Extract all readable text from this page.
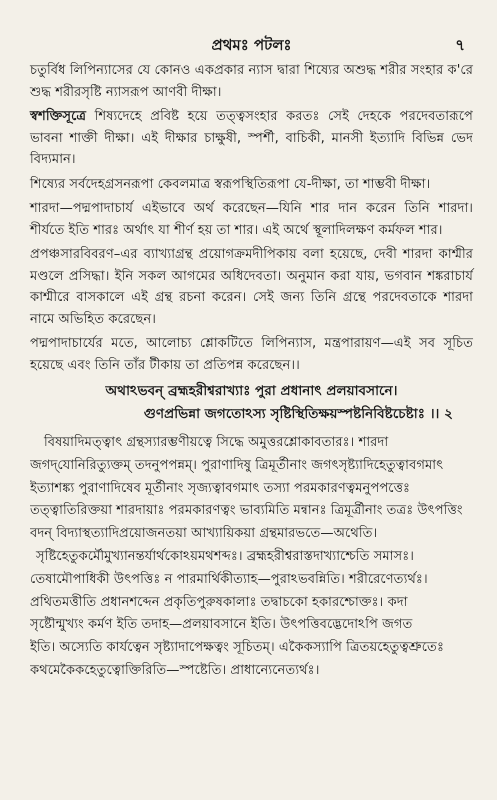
প্রথমঃ পটলঃ	৭

চতুর্বিধ লিপিন্যাসের যে কোনও একপ্রকার ন্যাস দ্বারা শিষ্যের অশুদ্ধ শরীর সংহার ক'রে শুদ্ধ শরীরসৃষ্টি ন্যাসরূপ আণবী দীক্ষা।

স্বশক্তিসূত্রে শিষ্যদেহে প্রবিষ্ট হয়ে তত্ত্বসংহার করতঃ সেই দেহকে পরদেবতারূপে ভাবনা শাক্তী দীক্ষা। এই দীক্ষার চাক্ষুষী, স্পর্শী, বাচিকী, মানসী ইত্যাদি বিভিন্ন ভেদ বিদ্যমান।

শিষ্যের সর্বদেহগ্রসনরূপা কেবলমাত্র স্বরূপস্থিতিরূপা যে-দীক্ষা, তা শাম্ভবী দীক্ষা।

শারদা—পদ্মপাদাচার্য এইভাবে অর্থ করেছেন—যিনি শার দান করেন তিনি শারদা। শীর্যতে ইতি শারঃ অর্থাৎ যা শীর্ণ হয় তা শার। এই অর্থে স্থূলাদিলক্ষণ কর্মফল শার।

প্রপঞ্চসারবিবরণ–এর ব্যাখ্যাগ্রন্থ প্রয়োগক্রমদীপিকায় বলা হয়েছে, দেবী শারদা কাশ্মীর মণ্ডলে প্রসিদ্ধা। ইনি সকল আগমের অধিদেবতা। অনুমান করা যায়, ভগবান শঙ্করাচার্য কাশ্মীরে বাসকালে এই গ্রন্থ রচনা করেন। সেই জন্য তিনি গ্রন্থে পরদেবতাকে শারদা নামে অভিহিত করেছেন।

পদ্মপাদাচার্যের মতে, আলোচ্য শ্লোকটিতে লিপিন্যাস, মন্ত্রপারায়ণ—এই সব সূচিত হয়েছে এবং তিনি তাঁর টীকায় তা প্রতিপন্ন করেছেন।।

অথাঽভবন্ ব্রহ্মহরীশ্বরাখ্যাঃ পুরা প্রধানাৎ প্রলয়াবসানে।
গুণপ্রভিন্না জগতোঽস্য সৃষ্টিস্থিতিক্ষয়স্পষ্টনিবিষ্টচেষ্টাঃ ।। ২
বিষয়াদিমত্ত্বাৎ গ্রন্থস্যারম্ভণীয়ত্বে সিদ্ধে অমুত্তরশ্লোকাবতারঃ। শারদা
জগদ্‌যোনিরিত্যুক্তম্‌ তদনুপপন্নম্‌। পুরাণাদিষু ত্রিমূর্তীনাং জগৎসৃষ্ট্যাদিহেতুত্বাবগমাৎ
ইত্যাশঙ্ক্য পুরাণাদিষেব মূর্তীনাং সৃজ্যত্বাবগমাৎ তস্যা পরমকারণত্বমনুপপত্তেঃ
তত্ত্বাতিরিক্তয়া শারদায়াঃ পরমকারণত্বং ভাব্যমিতি মন্বানঃ ত্রিমূর্ত্রীনাং তত্রঃ উৎপত্তিং
বদন্‌ বিদ্যাস্থত্যাদিপ্রয়োজনতয়া আখ্যায়িকয়া গ্রন্থমারভতে—অথেতি।
সৃষ্টিহেতুকর্মৌমুখ্যানন্তর্যার্থকোঽয়মথশব্দঃ। ব্রহ্মহরীশ্বরাস্তদাখ্যাশ্চেতি সমাসঃ।
তেষামৌপাধিকী উৎপত্তিঃ ন পারমার্থিকীত্যাহ—পুরাঽভবন্নিতি। শরীরেণেত্যর্থঃ।
প্রথিতমত্তীতি প্রধানশব্দেন প্রকৃতিপুরুষকালাঃ তদ্বাচকো হকারশ্চোক্তঃ। কদা
সৃষ্টৌন্মুখ্যং কর্মণ ইতি তদাহ—প্রলয়াবসানে ইতি। উৎপত্তিবদ্ভেদোঽপি জগত
ইতি। অস্যেতি কার্যত্বেন সৃষ্ট্যাদাপেক্ষত্বং সূচিতম্‌। একৈকস্যাপি ত্রিতয়হেতুত্বশ্রুতেঃ
কথমেকৈকহেতুত্বোক্তিরিতি—স্পষ্টেতি। প্রাধান্যেনেত্যর্থঃ।
